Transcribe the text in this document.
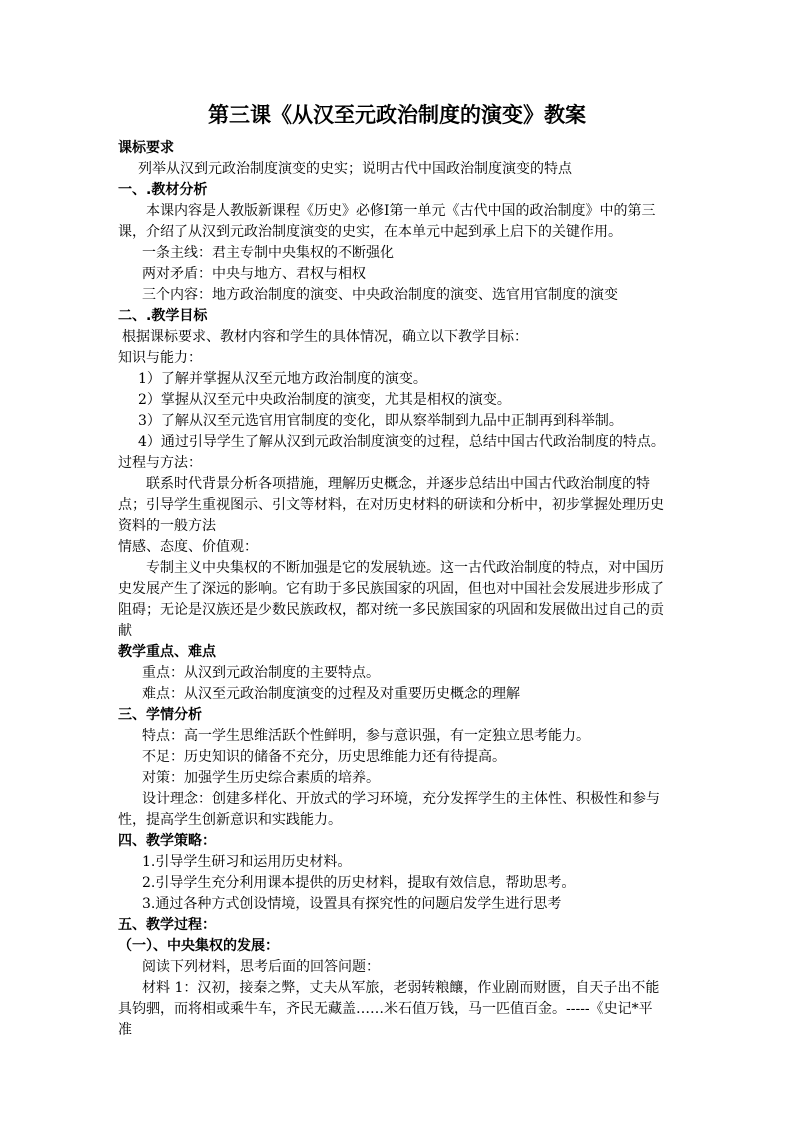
第三课《从汉至元政治制度的演变》教案

课标要求

列举从汉到元政治制度演变的史实；说明古代中国政治制度演变的特点

一、.教材分析

本课内容是人教版新课程《历史》必修Ⅰ第一单元《古代中国的政治制度》中的第三课，介绍了从汉到元政治制度演变的史实，在本单元中起到承上启下的关键作用。

一条主线：君主专制中央集权的不断强化

两对矛盾：中央与地方、君权与相权

三个内容：地方政治制度的演变、中央政治制度的演变、选官用官制度的演变

二、.教学目标

根据课标要求、教材内容和学生的具体情况，确立以下教学目标：

知识与能力：

1）了解并掌握从汉至元地方政治制度的演变。

2）掌握从汉至元中央政治制度的演变，尤其是相权的演变。

3）了解从汉至元选官用官制度的变化，即从察举制到九品中正制再到科举制。

4）通过引导学生了解从汉到元政治制度演变的过程，总结中国古代政治制度的特点。

过程与方法：

联系时代背景分析各项措施，理解历史概念，并逐步总结出中国古代政治制度的特点；引导学生重视图示、引文等材料，在对历史材料的研读和分析中，初步掌握处理历史资料的一般方法

情感、态度、价值观：

专制主义中央集权的不断加强是它的发展轨迹。这一古代政治制度的特点，对中国历史发展产生了深远的影响。它有助于多民族国家的巩固，但也对中国社会发展进步形成了阻碍；无论是汉族还是少数民族政权，都对统一多民族国家的巩固和发展做出过自己的贡献

教学重点、难点

重点：从汉到元政治制度的主要特点。

难点：从汉至元政治制度演变的过程及对重要历史概念的理解

三、学情分析

特点：高一学生思维活跃个性鲜明，参与意识强，有一定独立思考能力。

不足：历史知识的储备不充分，历史思维能力还有待提高。

对策：加强学生历史综合素质的培养。

设计理念：创建多样化、开放式的学习环境，充分发挥学生的主体性、积极性和参与性，提高学生创新意识和实践能力。

四、教学策略：

1.引导学生研习和运用历史材料。

2.引导学生充分利用课本提供的历史材料，提取有效信息，帮助思考。

3.通过各种方式创设情境，设置具有探究性的问题启发学生进行思考

五、教学过程：

（一）、中央集权的发展：

阅读下列材料，思考后面的回答问题：

材料 1：汉初，接秦之弊，丈夫从军旅，老弱转粮饟，作业剧而财匮，自天子出不能具钧驷，而将相或乘牛车，齐民无藏盖……米石值万钱，马一匹值百金。-----《史记*平准
